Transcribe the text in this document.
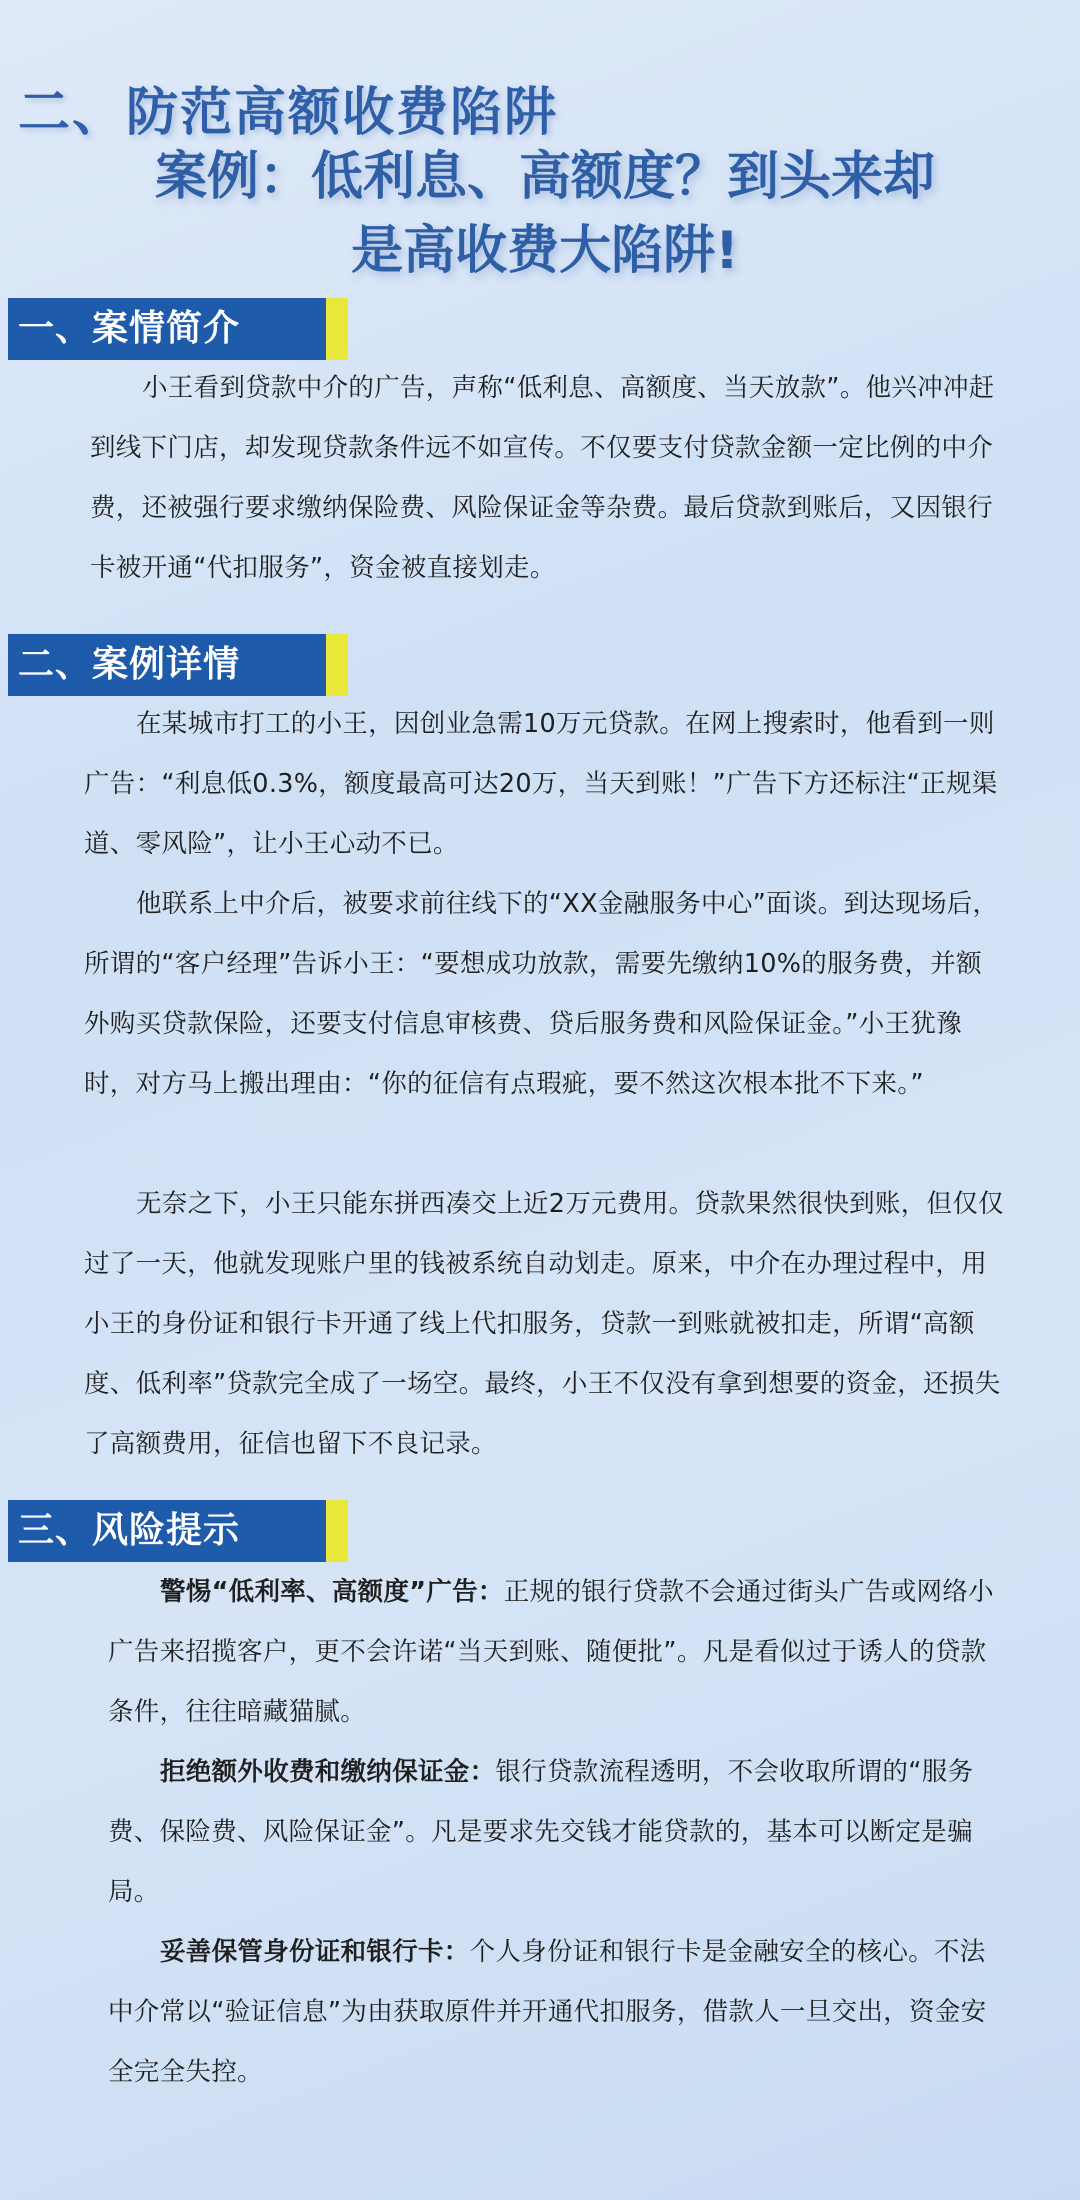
二、防范高额收费陷阱
案例：低利息、高额度？到头来却是高收费大陷阱!

一、案情简介

小王看到贷款中介的广告，声称“低利息、高额度、当天放款”。他兴冲冲赶到线下门店，却发现贷款条件远不如宣传。不仅要支付贷款金额一定比例的中介费，还被强行要求缴纳保险费、风险保证金等杂费。最后贷款到账后，又因银行卡被开通“代扣服务”，资金被直接划走。

二、案例详情

在某城市打工的小王，因创业急需10万元贷款。在网上搜索时，他看到一则广告：“利息低0.3%，额度最高可达20万，当天到账！”广告下方还标注“正规渠道、零风险”，让小王心动不已。

他联系上中介后，被要求前往线下的“XX金融服务中心”面谈。到达现场后，所谓的“客户经理”告诉小王：“要想成功放款，需要先缴纳10%的服务费，并额外购买贷款保险，还要支付信息审核费、贷后服务费和风险保证金。”小王犹豫时，对方马上搬出理由：“你的征信有点瑕疵，要不然这次根本批不下来。”

无奈之下，小王只能东拼西凑交上近2万元费用。贷款果然很快到账，但仅仅过了一天，他就发现账户里的钱被系统自动划走。原来，中介在办理过程中，用小王的身份证和银行卡开通了线上代扣服务，贷款一到账就被扣走，所谓“高额度、低利率”贷款完全成了一场空。最终，小王不仅没有拿到想要的资金，还损失了高额费用，征信也留下不良记录。

三、风险提示

警惕“低利率、高额度”广告：正规的银行贷款不会通过街头广告或网络小广告来招揽客户，更不会许诺“当天到账、随便批”。凡是看似过于诱人的贷款条件，往往暗藏猫腻。

拒绝额外收费和缴纳保证金：银行贷款流程透明，不会收取所谓的“服务费、保险费、风险保证金”。凡是要求先交钱才能贷款的，基本可以断定是骗局。

妥善保管身份证和银行卡：个人身份证和银行卡是金融安全的核心。不法中介常以“验证信息”为由获取原件并开通代扣服务，借款人一旦交出，资金安全完全失控。
